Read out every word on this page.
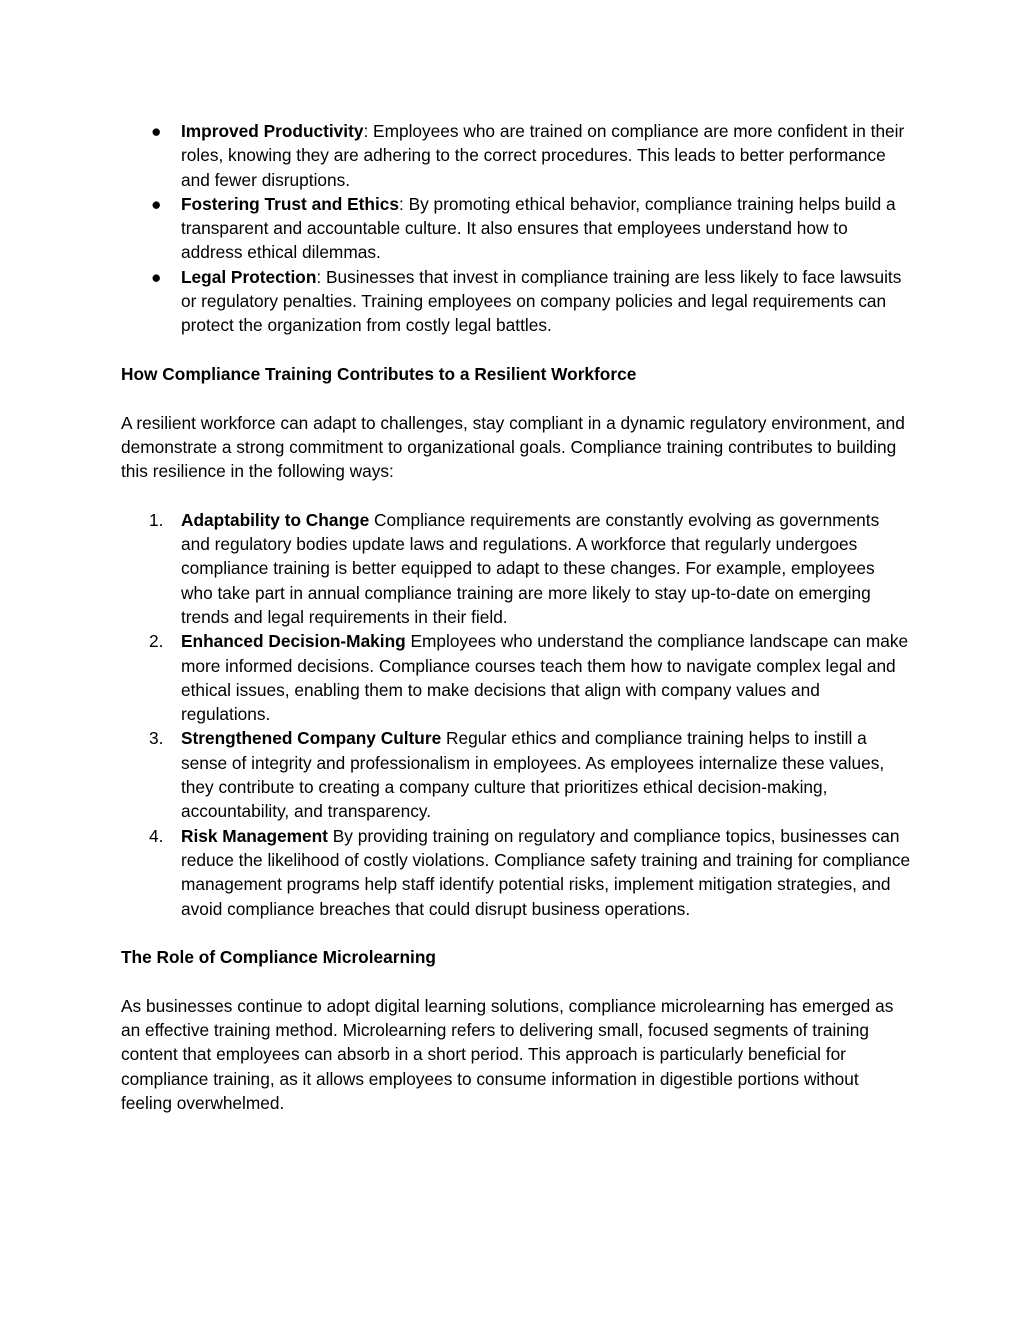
● Improved Productivity: Employees who are trained on compliance are more confident in their roles, knowing they are adhering to the correct procedures. This leads to better performance and fewer disruptions.
● Fostering Trust and Ethics: By promoting ethical behavior, compliance training helps build a transparent and accountable culture. It also ensures that employees understand how to address ethical dilemmas.
● Legal Protection: Businesses that invest in compliance training are less likely to face lawsuits or regulatory penalties. Training employees on company policies and legal requirements can protect the organization from costly legal battles.

How Compliance Training Contributes to a Resilient Workforce

A resilient workforce can adapt to challenges, stay compliant in a dynamic regulatory environment, and demonstrate a strong commitment to organizational goals. Compliance training contributes to building this resilience in the following ways:

1. Adaptability to Change Compliance requirements are constantly evolving as governments and regulatory bodies update laws and regulations. A workforce that regularly undergoes compliance training is better equipped to adapt to these changes. For example, employees who take part in annual compliance training are more likely to stay up-to-date on emerging trends and legal requirements in their field.
2. Enhanced Decision-Making Employees who understand the compliance landscape can make more informed decisions. Compliance courses teach them how to navigate complex legal and ethical issues, enabling them to make decisions that align with company values and regulations.
3. Strengthened Company Culture Regular ethics and compliance training helps to instill a sense of integrity and professionalism in employees. As employees internalize these values, they contribute to creating a company culture that prioritizes ethical decision-making, accountability, and transparency.
4. Risk Management By providing training on regulatory and compliance topics, businesses can reduce the likelihood of costly violations. Compliance safety training and training for compliance management programs help staff identify potential risks, implement mitigation strategies, and avoid compliance breaches that could disrupt business operations.

The Role of Compliance Microlearning

As businesses continue to adopt digital learning solutions, compliance microlearning has emerged as an effective training method. Microlearning refers to delivering small, focused segments of training content that employees can absorb in a short period. This approach is particularly beneficial for compliance training, as it allows employees to consume information in digestible portions without feeling overwhelmed.
